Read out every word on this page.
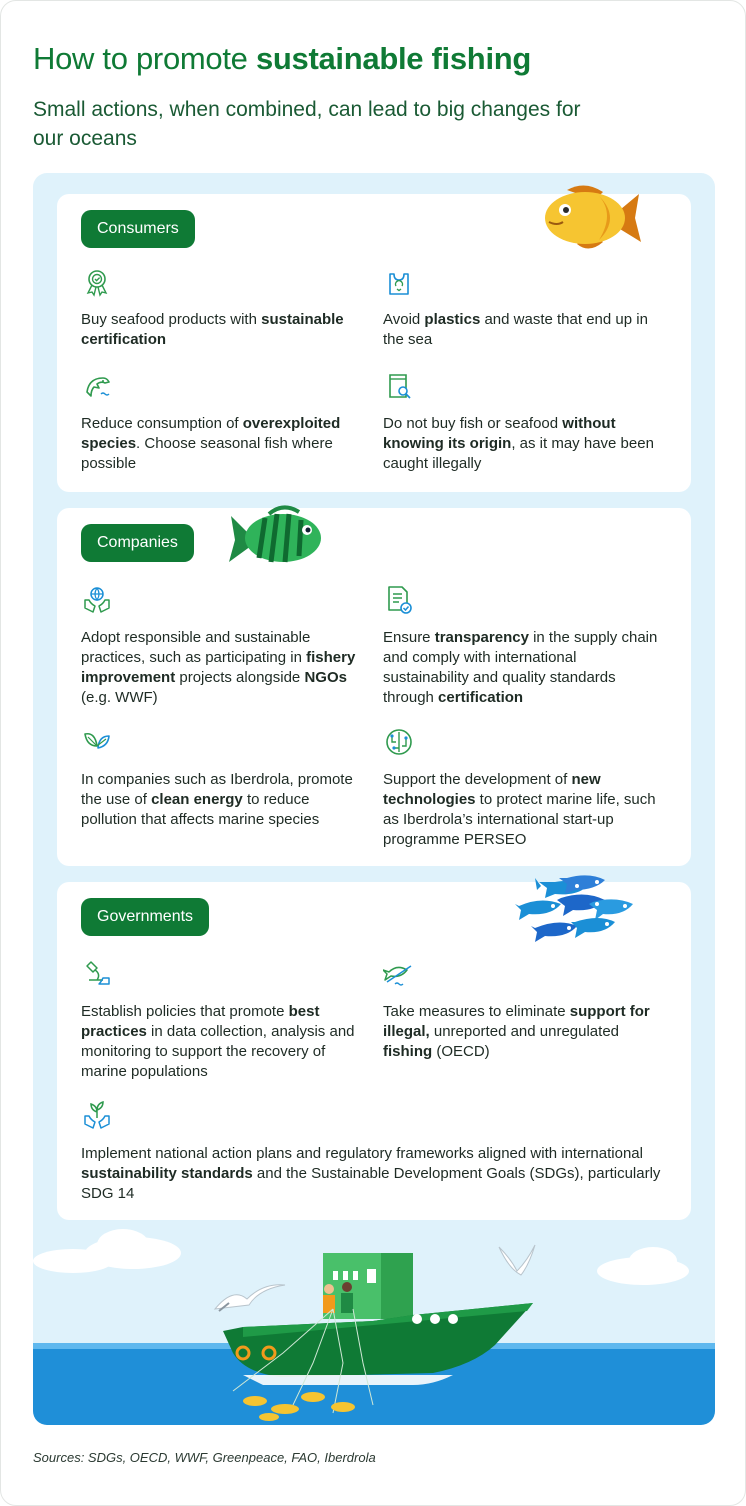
How to promote sustainable fishing

Small actions, when combined, can lead to big changes for our oceans

Consumers
Buy seafood products with sustainable certification
Avoid plastics and waste that end up in the sea
Reduce consumption of overexploited species. Choose seasonal fish where possible
Do not buy fish or seafood without knowing its origin, as it may have been caught illegally
Companies
Adopt responsible and sustainable practices, such as participating in fishery improvement projects alongside NGOs (e.g. WWF)
Ensure transparency in the supply chain and comply with international sustainability and quality standards through certification
In companies such as Iberdrola, promote the use of clean energy to reduce pollution that affects marine species
Support the development of new technologies to protect marine life, such as Iberdrola’s international start-up programme PERSEO
Governments
Establish policies that promote best practices in data collection, analysis and monitoring to support the recovery of marine populations
Take measures to eliminate support for illegal, unreported and unregulated fishing (OECD)
Implement national action plans and regulatory frameworks aligned with international sustainability standards and the Sustainable Development Goals (SDGs), particularly SDG 14

Sources: SDGs, OECD, WWF, Greenpeace, FAO, Iberdrola
